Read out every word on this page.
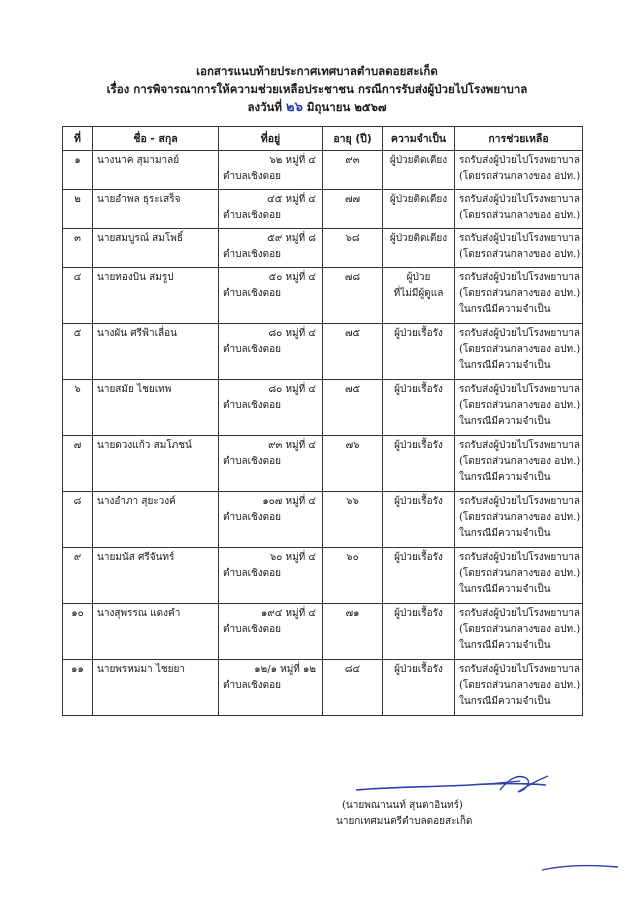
เอกสารแนบท้ายประกาศเทศบาลตำบลดอยสะเก็ด
เรื่อง การพิจารณาการให้ความช่วยเหลือประชาชน กรณีการรับส่งผู้ป่วยไปโรงพยาบาล
ลงวันที่ ๒๖ มิถุนายน ๒๕๖๗
ที่	ชื่อ - สกุล	ที่อยู่	อายุ (ปี)	ความจำเป็น	การช่วยเหลือ
๑	นางนาค สุมามาลย์	๖๒ หมู่ที่ ๔
ตำบลเชิงดอย	๙๓	ผู้ป่วยติดเตียง	รถรับส่งผู้ป่วยไปโรงพยาบาล
(โดยรถส่วนกลางของ อปท.)

๒	นายอำพล ธุระเสร็จ	๔๕ หมู่ที่ ๔
ตำบลเชิงดอย	๗๗	ผู้ป่วยติดเตียง	รถรับส่งผู้ป่วยไปโรงพยาบาล
(โดยรถส่วนกลางของ อปท.)

๓	นายสมบูรณ์ สมโพธิ์	๕๙ หมู่ที่ ๘
ตำบลเชิงดอย	๖๘	ผู้ป่วยติดเตียง	รถรับส่งผู้ป่วยไปโรงพยาบาล
(โดยรถส่วนกลางของ อปท.)

๔	นายทองบิน สมรูป	๕๐ หมู่ที่ ๔
ตำบลเชิงดอย	๗๘	ผู้ป่วย
ที่ไม่มีผู้ดูแล	รถรับส่งผู้ป่วยไปโรงพยาบาล
(โดยรถส่วนกลางของ อปท.)
ในกรณีมีความจำเป็น

๕	นางผัน ศรีฟ้าเลื่อน	๘๐ หมู่ที่ ๔
ตำบลเชิงดอย	๗๕	ผู้ป่วยเรื้อรัง	รถรับส่งผู้ป่วยไปโรงพยาบาล
(โดยรถส่วนกลางของ อปท.)
ในกรณีมีความจำเป็น

๖	นายสมัย ไชยเทพ	๘๐ หมู่ที่ ๔
ตำบลเชิงดอย	๗๕	ผู้ป่วยเรื้อรัง	รถรับส่งผู้ป่วยไปโรงพยาบาล
(โดยรถส่วนกลางของ อปท.)
ในกรณีมีความจำเป็น

๗	นายดวงแก้ว สมโภชน์	๙๓ หมู่ที่ ๔
ตำบลเชิงดอย	๗๖	ผู้ป่วยเรื้อรัง	รถรับส่งผู้ป่วยไปโรงพยาบาล
(โดยรถส่วนกลางของ อปท.)
ในกรณีมีความจำเป็น

๘	นางอำภา สุยะวงค์	๑๐๗ หมู่ที่ ๔
ตำบลเชิงดอย	๖๖	ผู้ป่วยเรื้อรัง	รถรับส่งผู้ป่วยไปโรงพยาบาล
(โดยรถส่วนกลางของ อปท.)
ในกรณีมีความจำเป็น

๙	นายมนัส ศรีจันทร์	๖๐ หมู่ที่ ๔
ตำบลเชิงดอย	๖๐	ผู้ป่วยเรื้อรัง	รถรับส่งผู้ป่วยไปโรงพยาบาล
(โดยรถส่วนกลางของ อปท.)
ในกรณีมีความจำเป็น

๑๐	นางสุพรรณ แดงคำ	๑๙๔ หมู่ที่ ๔
ตำบลเชิงดอย	๗๑	ผู้ป่วยเรื้อรัง	รถรับส่งผู้ป่วยไปโรงพยาบาล
(โดยรถส่วนกลางของ อปท.)
ในกรณีมีความจำเป็น

๑๑	นายพรหมมา ไชยยา	๑๒/๑ หมู่ที่ ๑๒
ตำบลเชิงดอย	๘๔	ผู้ป่วยเรื้อรัง	รถรับส่งผู้ป่วยไปโรงพยาบาล
(โดยรถส่วนกลางของ อปท.)
ในกรณีมีความจำเป็น
(นายพณานนท์ สุนตาอินทร์)
นายกเทศมนตรีตำบลดอยสะเก็ด
